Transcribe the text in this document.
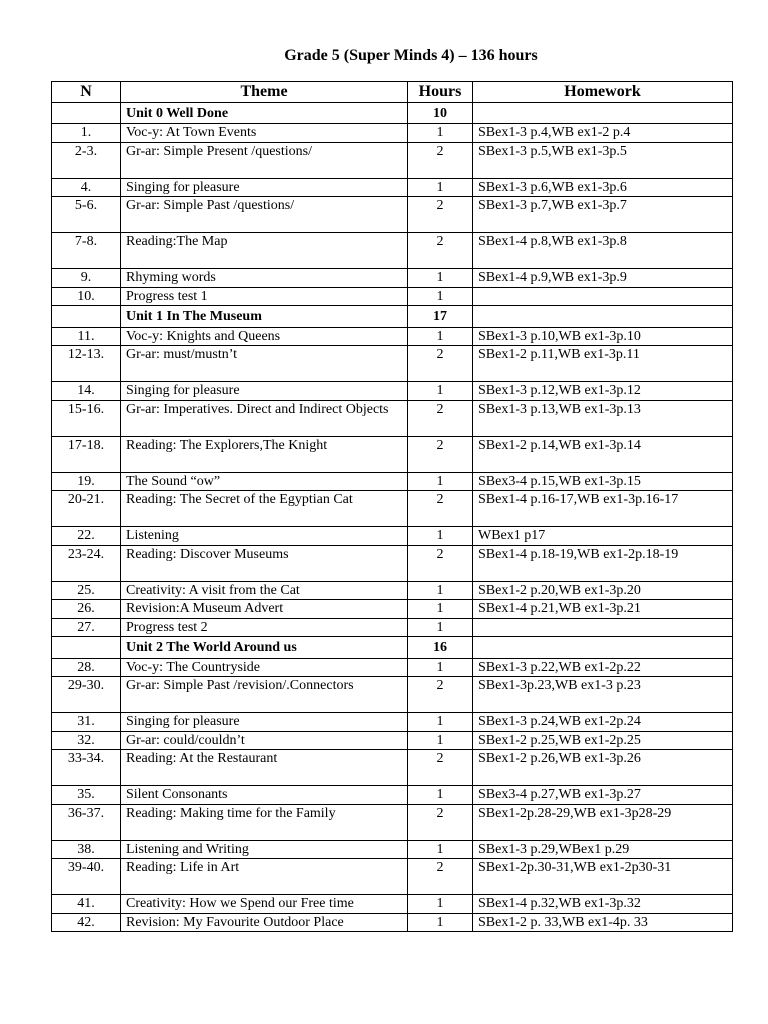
Grade 5 (Super Minds 4) – 136 hours
N	Theme	Hours	Homework
	Unit 0 Well Done	10	
1.	Voc-y: At Town Events	1	SBex1-3 p.4,WB ex1-2 p.4
2-3.	Gr-ar: Simple Present /questions/	2	SBex1-3 p.5,WB ex1-3p.5
4.	Singing for pleasure	1	SBex1-3 p.6,WB ex1-3p.6
5-6.	Gr-ar: Simple Past /questions/	2	SBex1-3 p.7,WB ex1-3p.7
7-8.	Reading:The Map	2	SBex1-4 p.8,WB ex1-3p.8
9.	Rhyming words	1	SBex1-4 p.9,WB ex1-3p.9
10.	Progress test 1	1	
	Unit 1 In The Museum	17	
11.	Voc-y: Knights and Queens	1	SBex1-3 p.10,WB ex1-3p.10
12-13.	Gr-ar: must/mustn’t	2	SBex1-2 p.11,WB ex1-3p.11
14.	Singing for pleasure	1	SBex1-3 p.12,WB ex1-3p.12
15-16.	Gr-ar: Imperatives. Direct and Indirect Objects	2	SBex1-3 p.13,WB ex1-3p.13
17-18.	Reading: The Explorers,The Knight	2	SBex1-2 p.14,WB ex1-3p.14
19.	The Sound “ow”	1	SBex3-4 p.15,WB ex1-3p.15
20-21.	Reading: The Secret of the Egyptian Cat	2	SBex1-4 p.16-17,WB ex1-3p.16-17
22.	Listening	1	WBex1 p17
23-24.	Reading: Discover Museums	2	SBex1-4 p.18-19,WB ex1-2p.18-19
25.	Creativity: A visit from the Cat	1	SBex1-2 p.20,WB ex1-3p.20
26.	Revision:A Museum Advert	1	SBex1-4 p.21,WB ex1-3p.21
27.	Progress test 2	1	
	Unit 2 The World Around us	16	
28.	Voc-y: The Countryside	1	SBex1-3 p.22,WB ex1-2p.22
29-30.	Gr-ar: Simple Past /revision/.Connectors	2	SBex1-3p.23,WB ex1-3 p.23
31.	Singing for pleasure	1	SBex1-3 p.24,WB ex1-2p.24
32.	Gr-ar: could/couldn’t	1	SBex1-2 p.25,WB ex1-2p.25
33-34.	Reading: At the Restaurant	2	SBex1-2 p.26,WB ex1-3p.26
35.	Silent Consonants	1	SBex3-4 p.27,WB ex1-3p.27
36-37.	Reading: Making time for the Family	2	SBex1-2p.28-29,WB ex1-3p28-29
38.	Listening and Writing	1	SBex1-3 p.29,WBex1 p.29
39-40.	Reading: Life in Art	2	SBex1-2p.30-31,WB ex1-2p30-31
41.	Creativity: How we Spend our Free time	1	SBex1-4 p.32,WB ex1-3p.32
42.	Revision: My Favourite Outdoor Place	1	SBex1-2 p. 33,WB ex1-4p. 33
